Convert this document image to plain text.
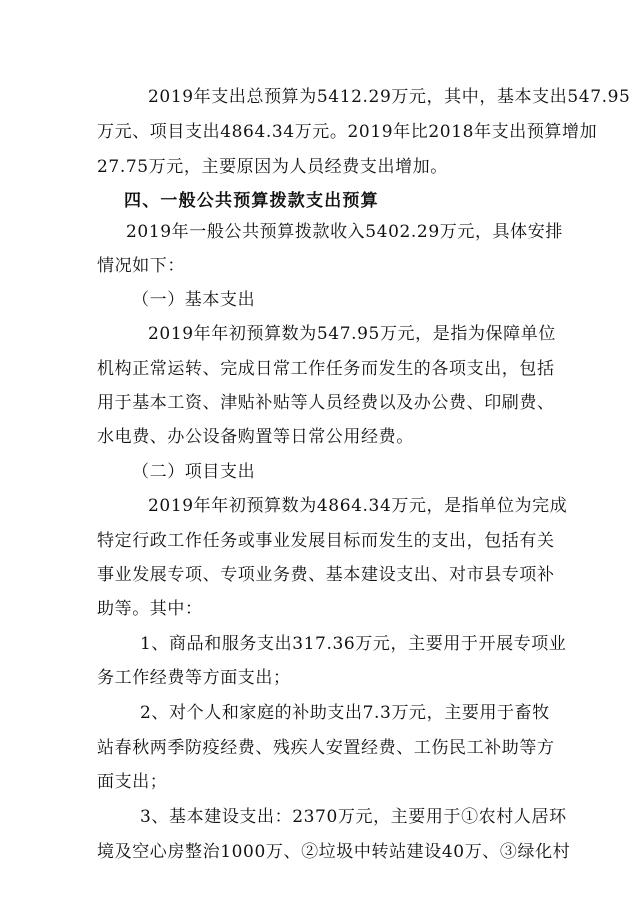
2019年支出总预算为5412.29万元，其中，基本支出547.95
万元、项目支出4864.34万元。2019年比2018年支出预算增加
27.75万元，主要原因为人员经费支出增加。
四、一般公共预算拨款支出预算
2019年一般公共预算拨款收入5402.29万元，具体安排
情况如下：
（一）基本支出
2019年年初预算数为547.95万元，是指为保障单位
机构正常运转、完成日常工作任务而发生的各项支出，包括
用于基本工资、津贴补贴等人员经费以及办公费、印刷费、
水电费、办公设备购置等日常公用经费。
（二）项目支出
2019年年初预算数为4864.34万元，是指单位为完成
特定行政工作任务或事业发展目标而发生的支出，包括有关
事业发展专项、专项业务费、基本建设支出、对市县专项补
助等。其中：
1、商品和服务支出317.36万元，主要用于开展专项业
务工作经费等方面支出；
2、对个人和家庭的补助支出7.3万元，主要用于畜牧
站春秋两季防疫经费、残疾人安置经费、工伤民工补助等方
面支出；
3、基本建设支出：2370万元，主要用于①农村人居环
境及空心房整治1000万、②垃圾中转站建设40万、③绿化村
